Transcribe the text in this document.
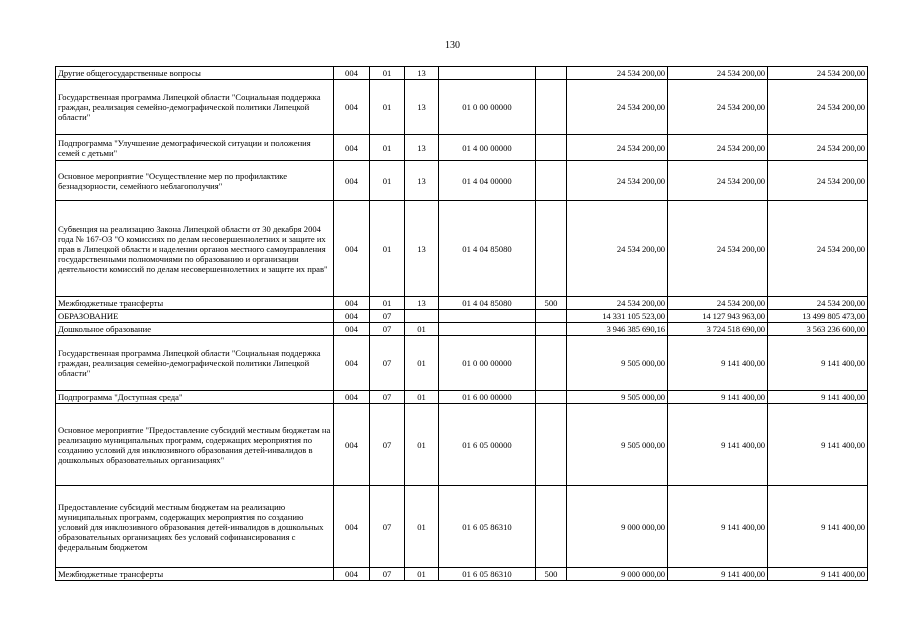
130
Другие общегосударственные вопросы	004	01	13			24 534 200,00	24 534 200,00	24 534 200,00
Государственная программа Липецкой области "Социальная поддержка граждан, реализация семейно-демографической политики Липецкой области"	004	01	13	01 0 00 00000		24 534 200,00	24 534 200,00	24 534 200,00
Подпрограмма "Улучшение демографической ситуации и положения семей с детьми"	004	01	13	01 4 00 00000		24 534 200,00	24 534 200,00	24 534 200,00
Основное мероприятие "Осуществление мер по профилактике безнадзорности, семейного неблагополучия"	004	01	13	01 4 04 00000		24 534 200,00	24 534 200,00	24 534 200,00
Субвенция на реализацию Закона Липецкой области от 30 декабря 2004 года № 167-ОЗ "О комиссиях по делам несовершеннолетних и защите их прав в Липецкой области и наделении органов местного самоуправления государственными полномочиями по образованию и организации деятельности комиссий по делам несовершеннолетних и защите их прав"	004	01	13	01 4 04 85080		24 534 200,00	24 534 200,00	24 534 200,00
Межбюджетные трансферты	004	01	13	01 4 04 85080	500	24 534 200,00	24 534 200,00	24 534 200,00
ОБРАЗОВАНИЕ	004	07				14 331 105 523,00	14 127 943 963,00	13 499 805 473,00
Дошкольное образование	004	07	01			3 946 385 690,16	3 724 518 690,00	3 563 236 600,00
Государственная программа Липецкой области "Социальная поддержка граждан, реализация семейно-демографической политики Липецкой области"	004	07	01	01 0 00 00000		9 505 000,00	9 141 400,00	9 141 400,00
Подпрограмма "Доступная среда"	004	07	01	01 6 00 00000		9 505 000,00	9 141 400,00	9 141 400,00
Основное мероприятие "Предоставление субсидий местным бюджетам на реализацию муниципальных программ, содержащих мероприятия по созданию условий для инклюзивного образования детей-инвалидов в дошкольных образовательных организациях"	004	07	01	01 6 05 00000		9 505 000,00	9 141 400,00	9 141 400,00
Предоставление субсидий местным бюджетам на реализацию муниципальных программ, содержащих мероприятия по созданию условий для инклюзивного образования детей-инвалидов в дошкольных образовательных организациях без условий софинансирования с федеральным бюджетом	004	07	01	01 6 05 86310		9 000 000,00	9 141 400,00	9 141 400,00
Межбюджетные трансферты	004	07	01	01 6 05 86310	500	9 000 000,00	9 141 400,00	9 141 400,00
